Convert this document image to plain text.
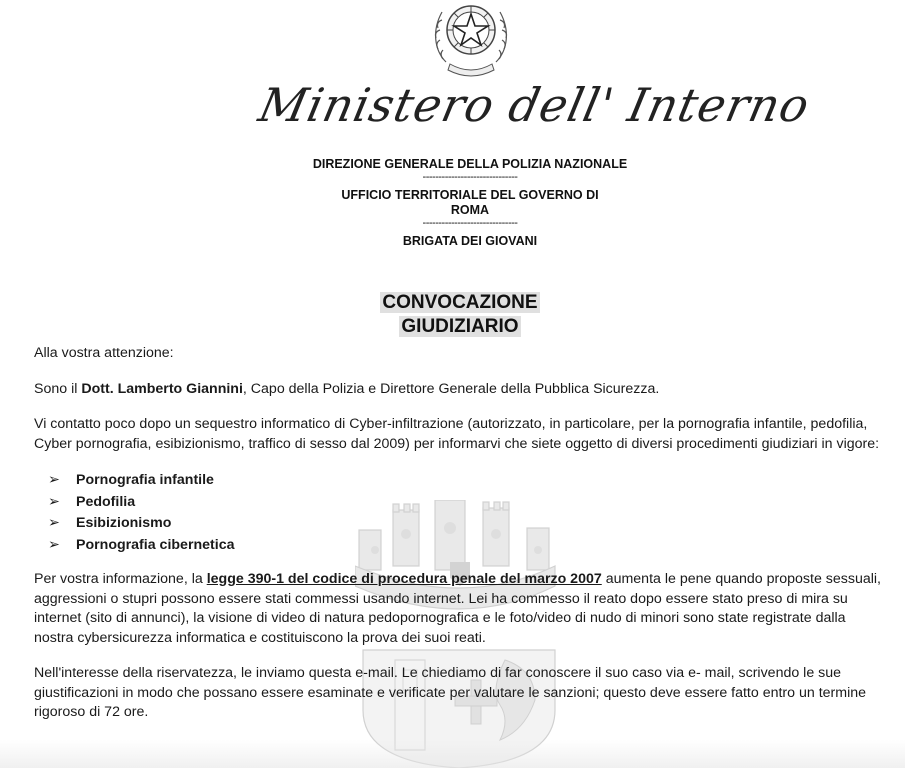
Ministero dell' Interno
DIREZIONE GENERALE DELLA POLIZIA NAZIONALE
------------------------------
UFFICIO TERRITORIALE DEL GOVERNO DI
ROMA
------------------------------
BRIGATA DEI GIOVANI
CONVOCAZIONE
GIUDIZIARIO

Alla vostra attenzione:

Sono il Dott. Lamberto Giannini, Capo della Polizia e Direttore Generale della Pubblica Sicurezza.

Vi contatto poco dopo un sequestro informatico di Cyber-infiltrazione (autorizzato, in particolare, per la pornografia infantile, pedofilia, Cyber pornografia, esibizionismo, traffico di sesso dal 2009) per informarvi che siete oggetto di diversi procedimenti giudiziari in vigore:

➢ Pornografia infantile
➢ Pedofilia
➢ Esibizionismo
➢ Pornografia cibernetica

Per vostra informazione, la legge 390-1 del codice di procedura penale del marzo 2007 aumenta le pene quando proposte sessuali, aggressioni o stupri possono essere stati commessi usando internet. Lei ha commesso il reato dopo essere stato preso di mira su internet (sito di annunci), la visione di video di natura pedopornografica e le foto/video di nudo di minori sono state registrate dalla nostra cybersicurezza informatica e costituiscono la prova dei suoi reati.

Nell'interesse della riservatezza, le inviamo questa e-mail. Le chiediamo di far conoscere il suo caso via e- mail, scrivendo le sue giustificazioni in modo che possano essere esaminate e verificate per valutare le sanzioni; questo deve essere fatto entro un termine rigoroso di 72 ore.
